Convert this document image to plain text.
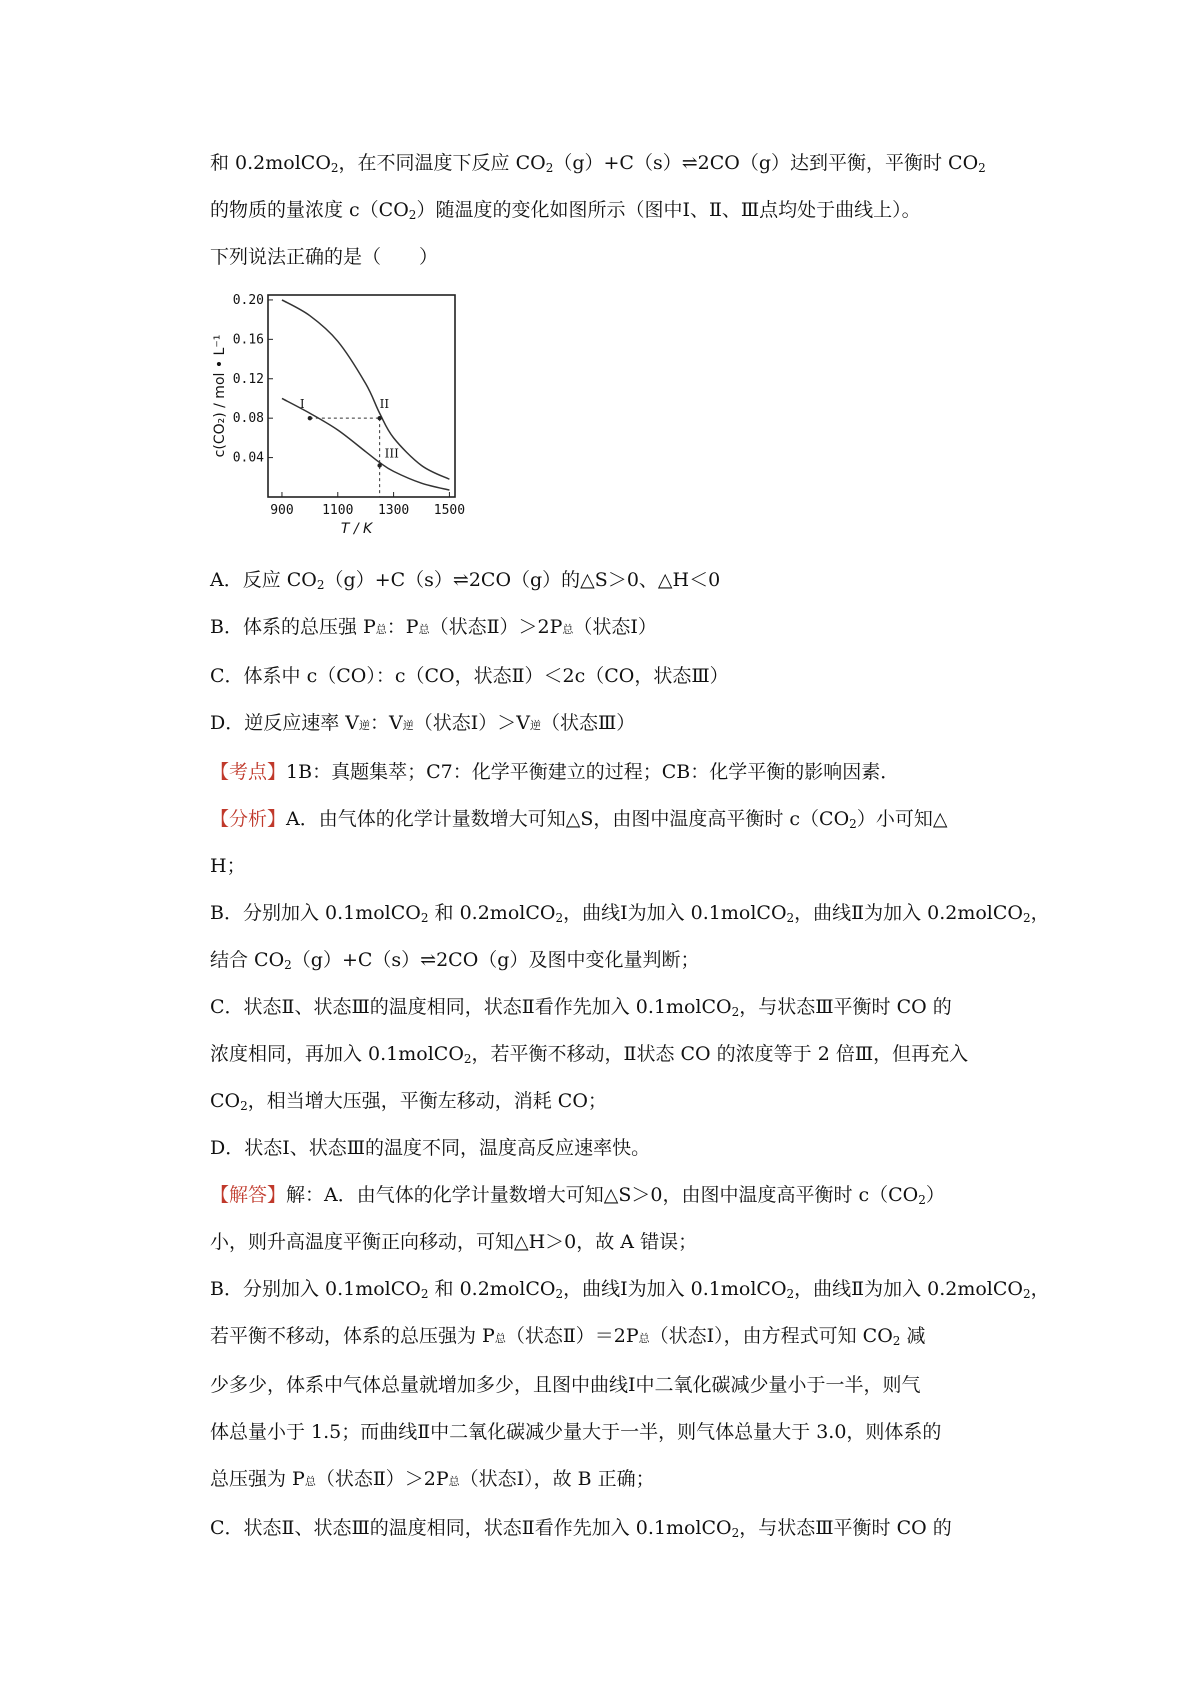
和 0.2molCO$_2$，在不同温度下反应 $CO_2(g)+C(s)\rightleftharpoons 2CO(g)$达到平衡，平衡时 $CO_2$
的物质的量浓度 $c(CO_2)$随温度的变化如图所示（图中Ⅰ、Ⅱ、Ⅲ点均处于曲线上）。
下列说法正确的是（　　）
0.20
0.16
0.12
0.08
0.04
900 1100 1300 1500
T / K
c(CO₂) / mol • L⁻¹	I	II
III
A．反应 $CO_2(g)+C(s)\rightleftharpoons 2CO(g)$的△S＞0、△H＜0
B．体系的总压强 P总：P总（状态Ⅱ）＞2P总（状态Ⅰ）
C．体系中 c（CO）：c（CO，状态Ⅱ）＜2c（CO，状态Ⅲ）
D．逆反应速率 V逆：V逆（状态Ⅰ）＞V逆（状态Ⅲ）
【考点】1B：真题集萃；C7：化学平衡建立的过程；CB：化学平衡的影响因素．
【分析】A．由气体的化学计量数增大可知△S，由图中温度高平衡时 $c(CO_2)$小可知△
H；
B．分别加入 0.1molCO$_2$ 和 0.2molCO$_2$，曲线Ⅰ为加入 0.1molCO$_2$，曲线Ⅱ为加入 0.2molCO$_2$，
结合 $CO_2(g)+C(s)\rightleftharpoons 2CO(g)$及图中变化量判断；
C．状态Ⅱ、状态Ⅲ的温度相同，状态Ⅱ看作先加入 0.1molCO$_2$，与状态Ⅲ平衡时 CO 的
浓度相同，再加入 0.1molCO$_2$，若平衡不移动，Ⅱ状态 CO 的浓度等于 2 倍Ⅲ，但再充入
$CO_2$，相当增大压强，平衡左移动，消耗 CO；
D．状态Ⅰ、状态Ⅲ的温度不同，温度高反应速率快。
【解答】解：A．由气体的化学计量数增大可知△S＞0，由图中温度高平衡时 $c(CO_2)$
小，则升高温度平衡正向移动，可知△H＞0，故 A 错误；
B．分别加入 0.1molCO$_2$ 和 0.2molCO$_2$，曲线Ⅰ为加入 0.1molCO$_2$，曲线Ⅱ为加入 0.2molCO$_2$，
若平衡不移动，体系的总压强为 P总（状态Ⅱ）＝2P总（状态Ⅰ），由方程式可知 $CO_2$ 减
少多少，体系中气体总量就增加多少，且图中曲线Ⅰ中二氧化碳减少量小于一半，则气
体总量小于 1.5；而曲线Ⅱ中二氧化碳减少量大于一半，则气体总量大于 3.0，则体系的
总压强为 P总（状态Ⅱ）＞2P总（状态Ⅰ），故 B 正确；
C．状态Ⅱ、状态Ⅲ的温度相同，状态Ⅱ看作先加入 0.1molCO$_2$，与状态Ⅲ平衡时 CO 的
